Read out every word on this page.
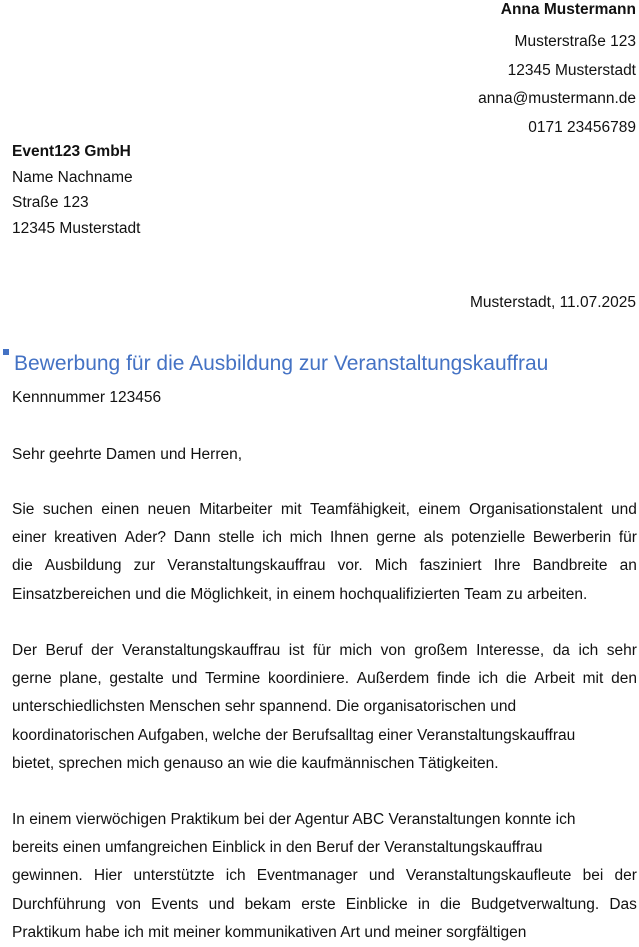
Anna Mustermann
Musterstraße 123
12345 Musterstadt
anna@mustermann.de
0171 23456789
Event123 GmbH
Name Nachname
Straße 123
12345 Musterstadt
Musterstadt, 11.07.2025
Bewerbung für die Ausbildung zur Veranstaltungskauffrau
Kennnummer 123456
Sehr geehrte Damen und Herren,
Sie suchen einen neuen Mitarbeiter mit Teamfähigkeit, einem Organisationstalent und
einer kreativen Ader? Dann stelle ich mich Ihnen gerne als potenzielle Bewerberin für
die Ausbildung zur Veranstaltungskauffrau vor. Mich fasziniert Ihre Bandbreite an
Einsatzbereichen und die Möglichkeit, in einem hochqualifizierten Team zu arbeiten.
Der Beruf der Veranstaltungskauffrau ist für mich von großem Interesse, da ich sehr
gerne plane, gestalte und Termine koordiniere. Außerdem finde ich die Arbeit mit den
unterschiedlichsten Menschen sehr spannend. Die organisatorischen und
koordinatorischen Aufgaben, welche der Berufsalltag einer Veranstaltungskauffrau
bietet, sprechen mich genauso an wie die kaufmännischen Tätigkeiten.
In einem vierwöchigen Praktikum bei der Agentur ABC Veranstaltungen konnte ich
bereits einen umfangreichen Einblick in den Beruf der Veranstaltungskauffrau
gewinnen. Hier unterstützte ich Eventmanager und Veranstaltungskaufleute bei der
Durchführung von Events und bekam erste Einblicke in die Budgetverwaltung. Das
Praktikum habe ich mit meiner kommunikativen Art und meiner sorgfältigen
